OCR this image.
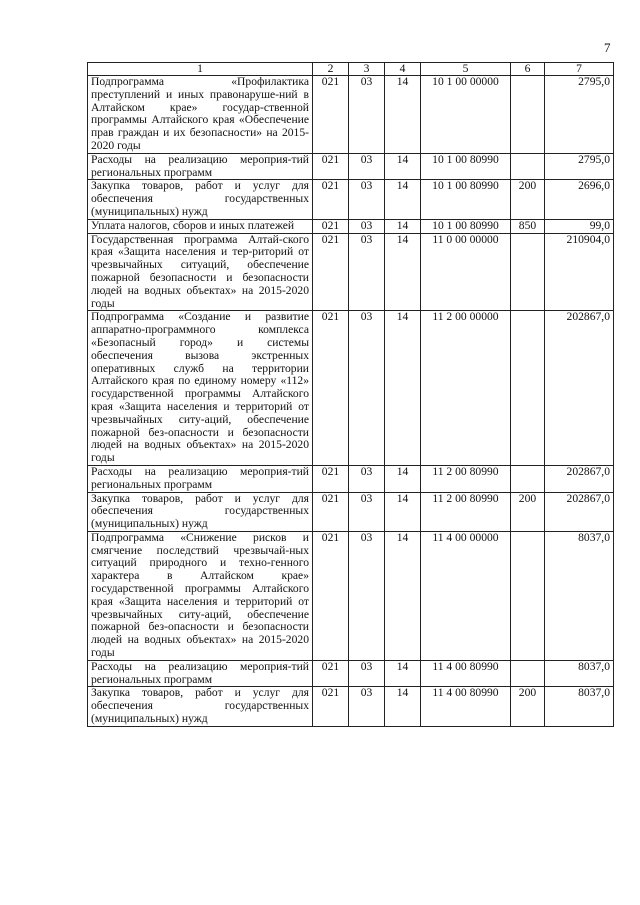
7
1	2	3	4	5	6	7
Подпрограмма «Профилактика преступлений и иных правонаруше-ний в Алтайском крае» государ-ственной программы Алтайского края «Обеспечение прав граждан и их безопасности» на 2015-2020 годы	021	03	14	10 1 00 00000		2795,0
Расходы на реализацию мероприя-тий региональных программ	021	03	14	10 1 00 80990		2795,0
Закупка товаров, работ и услуг для обеспечения государственных (муниципальных) нужд	021	03	14	10 1 00 80990	200	2696,0
Уплата налогов, сборов и иных платежей	021	03	14	10 1 00 80990	850	99,0
Государственная программа Алтай-ского края «Защита населения и тер-риторий от чрезвычайных ситуаций, обеспечение пожарной безопасности и безопасности людей на водных объектах» на 2015-2020 годы	021	03	14	11 0 00 00000		210904,0
Подпрограмма «Создание и развитие аппаратно-программного комплекса «Безопасный город» и системы обеспечения вызова экстренных оперативных служб на территории Алтайского края по единому номеру «112» государственной программы Алтайского края «Защита населения и территорий от чрезвычайных ситу-аций, обеспечение пожарной без-опасности и безопасности людей на водных объектах» на 2015-2020 годы	021	03	14	11 2 00 00000		202867,0
Расходы на реализацию мероприя-тий региональных программ	021	03	14	11 2 00 80990		202867,0
Закупка товаров, работ и услуг для обеспечения государственных (муниципальных) нужд	021	03	14	11 2 00 80990	200	202867,0
Подпрограмма «Снижение рисков и смягчение последствий чрезвычай-ных ситуаций природного и техно-генного характера в Алтайском крае» государственной программы Алтайского края «Защита населения и территорий от чрезвычайных ситу-аций, обеспечение пожарной без-опасности и безопасности людей на водных объектах» на 2015-2020 годы	021	03	14	11 4 00 00000		8037,0
Расходы на реализацию мероприя-тий региональных программ	021	03	14	11 4 00 80990		8037,0
Закупка товаров, работ и услуг для обеспечения государственных (муниципальных) нужд	021	03	14	11 4 00 80990	200	8037,0
